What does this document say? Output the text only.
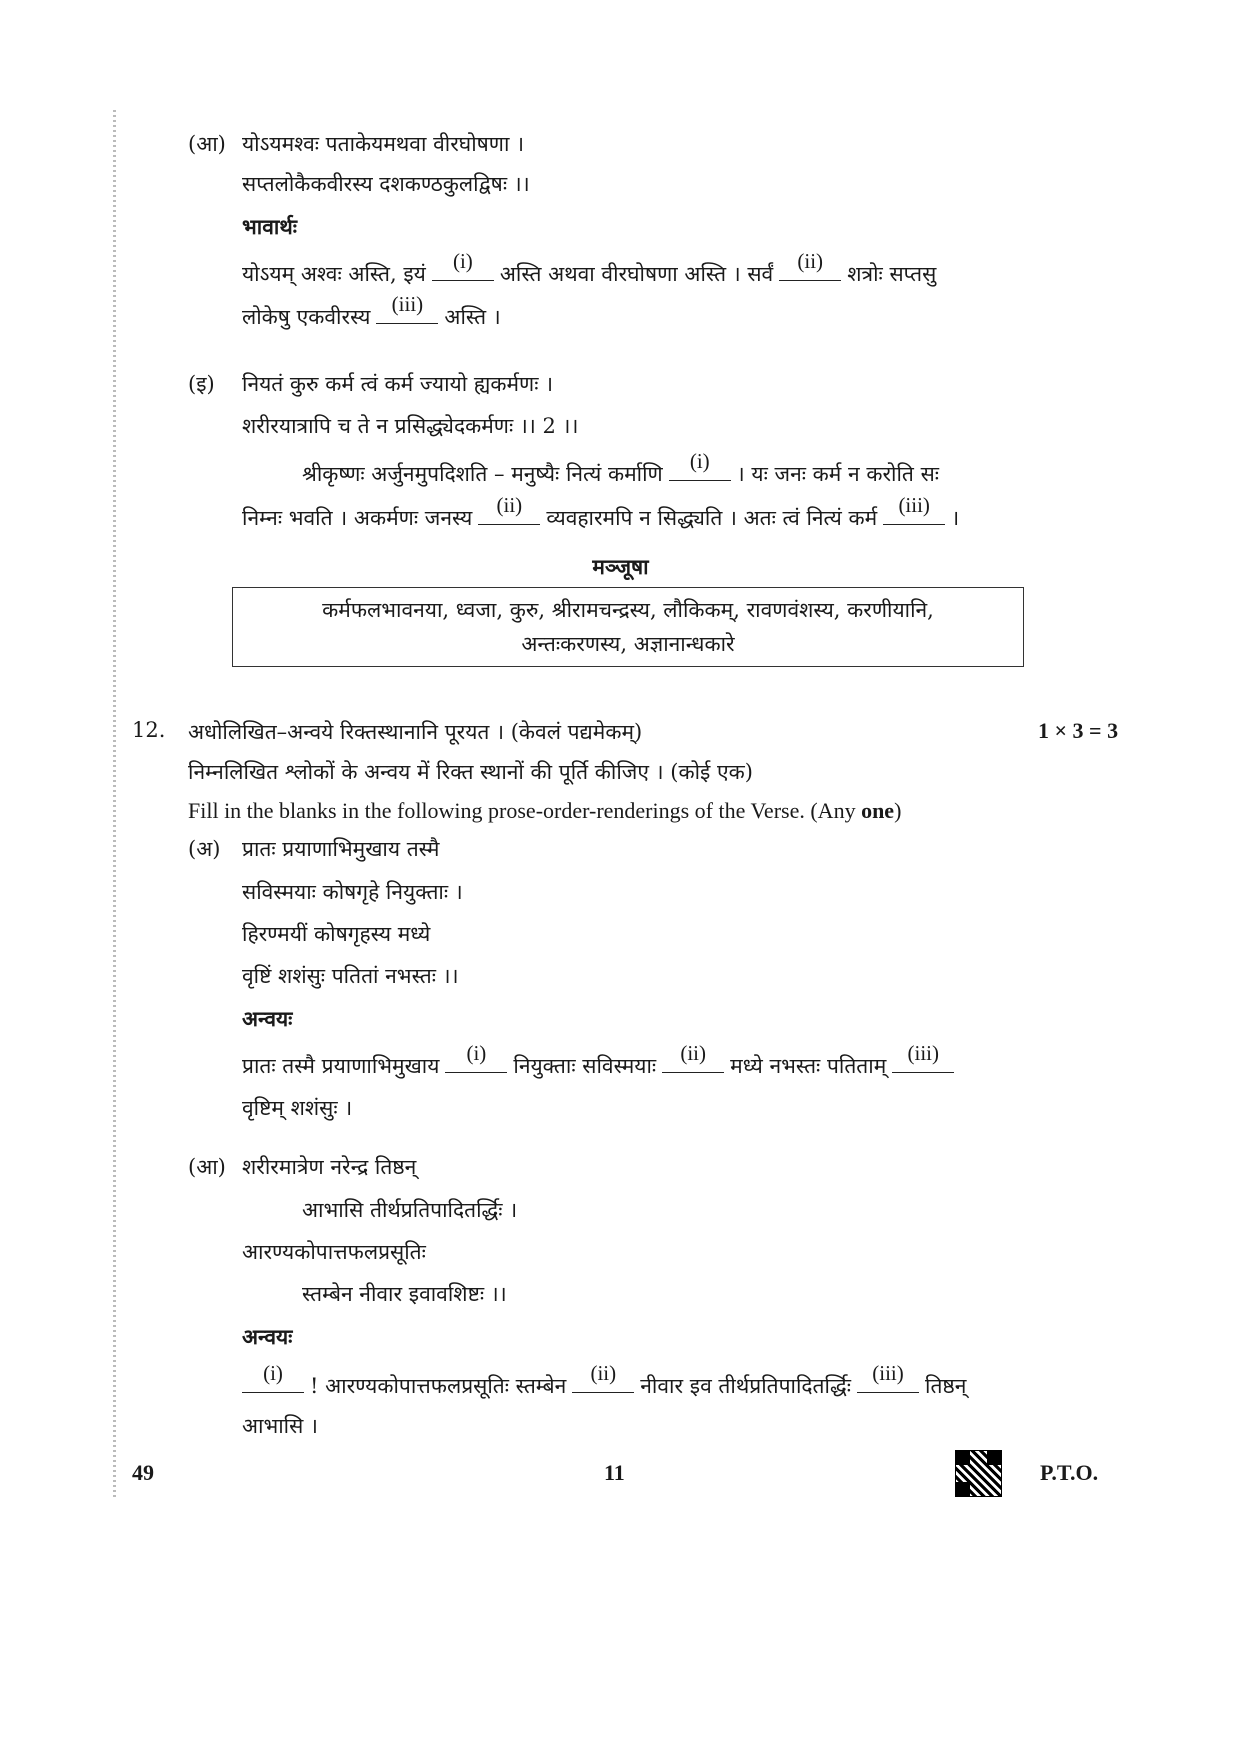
(आ) योऽयमश्वः पताकेयमथवा वीरघोषणा ।
सप्तलोकैकवीरस्य दशकण्ठकुलद्विषः ।।
भावार्थः
योऽयम् अश्वः अस्ति, इयं
(i)
अस्ति अथवा वीरघोषणा अस्ति । सर्वं
(ii)
शत्रोः सप्तसु
लोकेषु एकवीरस्य
(iii)
अस्ति ।
(इ) नियतं कुरु कर्म त्वं कर्म ज्यायो ह्यकर्मणः ।
शरीरयात्रापि च ते न प्रसिद्ध्येदकर्मणः ।। 2 ।।
श्रीकृष्णः अर्जुनमुपदिशति – मनुष्यैः नित्यं कर्माणि
(i)
। यः जनः कर्म न करोति सः
निम्नः भवति । अकर्मणः जनस्य
(ii)
व्यवहारमपि न सिद्ध्यति । अतः त्वं नित्यं कर्म
(iii)
।
मञ्जूषा
कर्मफलभावनया, ध्वजा, कुरु, श्रीरामचन्द्रस्य, लौकिकम्, रावणवंशस्य, करणीयानि,
अन्तःकरणस्य, अज्ञानान्धकारे
12. अधोलिखित–अन्वये रिक्तस्थानानि पूरयत । (केवलं पद्यमेकम्)	1 × 3 = 3
निम्नलिखित श्लोकों के अन्वय में रिक्त स्थानों की पूर्ति कीजिए । (कोई एक)
Fill in the blanks in the following prose-order-renderings of the Verse. (Any one)
(अ) प्रातः प्रयाणाभिमुखाय तस्मै
सविस्मयाः कोषगृहे नियुक्ताः ।
हिरण्मयीं कोषगृहस्य मध्ये
वृष्टिं शशंसुः पतितां नभस्तः ।।
अन्वयः
प्रातः तस्मै प्रयाणाभिमुखाय
(i)
नियुक्ताः सविस्मयाः
(ii)
मध्ये नभस्तः पतिताम्
(iii)
वृष्टिम् शशंसुः ।
(आ) शरीरमात्रेण नरेन्द्र तिष्ठन्
आभासि तीर्थप्रतिपादितर्द्धिः ।
आरण्यकोपात्तफलप्रसूतिः
स्तम्बेन नीवार इवावशिष्टः ।।
अन्वयः
(i)
! आरण्यकोपात्तफलप्रसूतिः स्तम्बेन
(ii)
नीवार इव तीर्थप्रतिपादितर्द्धिः
(iii)
तिष्ठन्
आभासि ।
49	11	P.T.O.
